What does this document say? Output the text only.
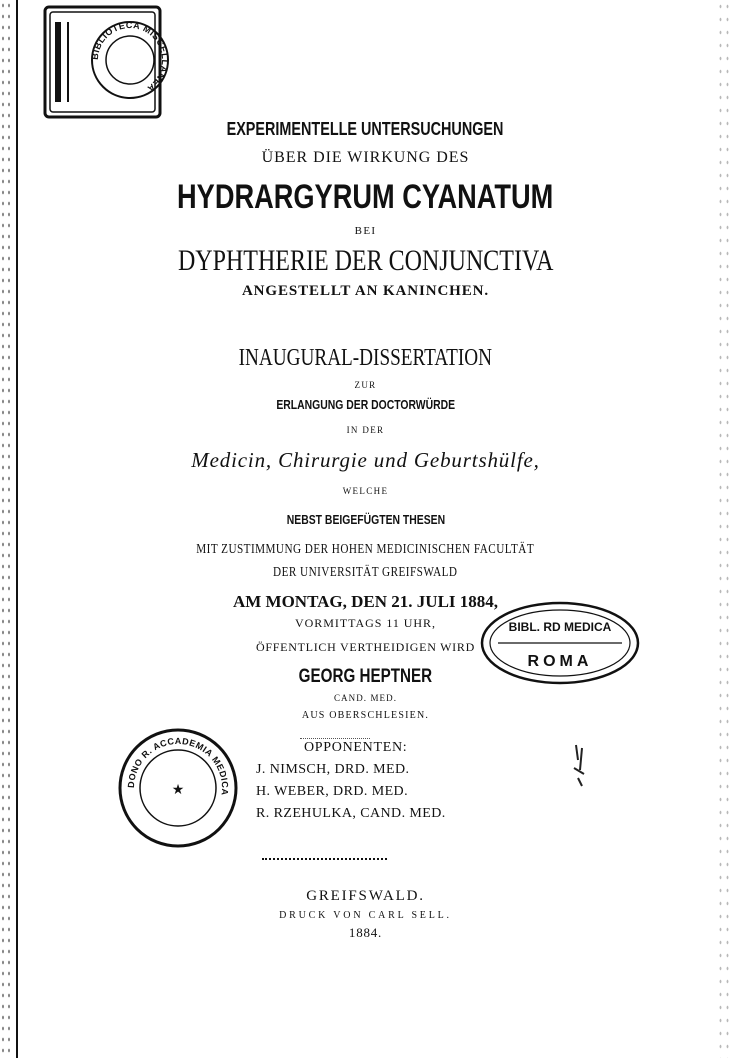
BIBLIOTECA MISCELLANEA
EXPERIMENTELLE UNTERSUCHUNGEN
ÜBER DIE WIRKUNG DES
HYDRARGYRUM CYANATUM
BEI
DYPHTHERIE DER CONJUNCTIVA
ANGESTELLT AN KANINCHEN.
INAUGURAL-DISSERTATION
ZUR
ERLANGUNG DER DOCTORWÜRDE
IN DER
Medicin, Chirurgie und Geburtshülfe,
WELCHE
NEBST BEIGEFÜGTEN THESEN
MIT ZUSTIMMUNG DER HOHEN MEDICINISCHEN FACULTÄT
DER UNIVERSITÄT GREIFSWALD
AM MONTAG, DEN 21. JULI 1884,
VORMITTAGS 11 UHR,
ÖFFENTLICH VERTHEIDIGEN WIRD
GEORG HEPTNER
CAND. MED.
AUS OBERSCHLESIEN.
BIBL. RD MEDICA
ROMA
DONO R. ACCADEMIA MEDICA
★
OPPONENTEN:
J. NIMSCH, DRD. MED.
H. WEBER, DRD. MED.
R. RZEHULKA, CAND. MED.
GREIFSWALD.
DRUCK VON CARL SELL.
1884.
